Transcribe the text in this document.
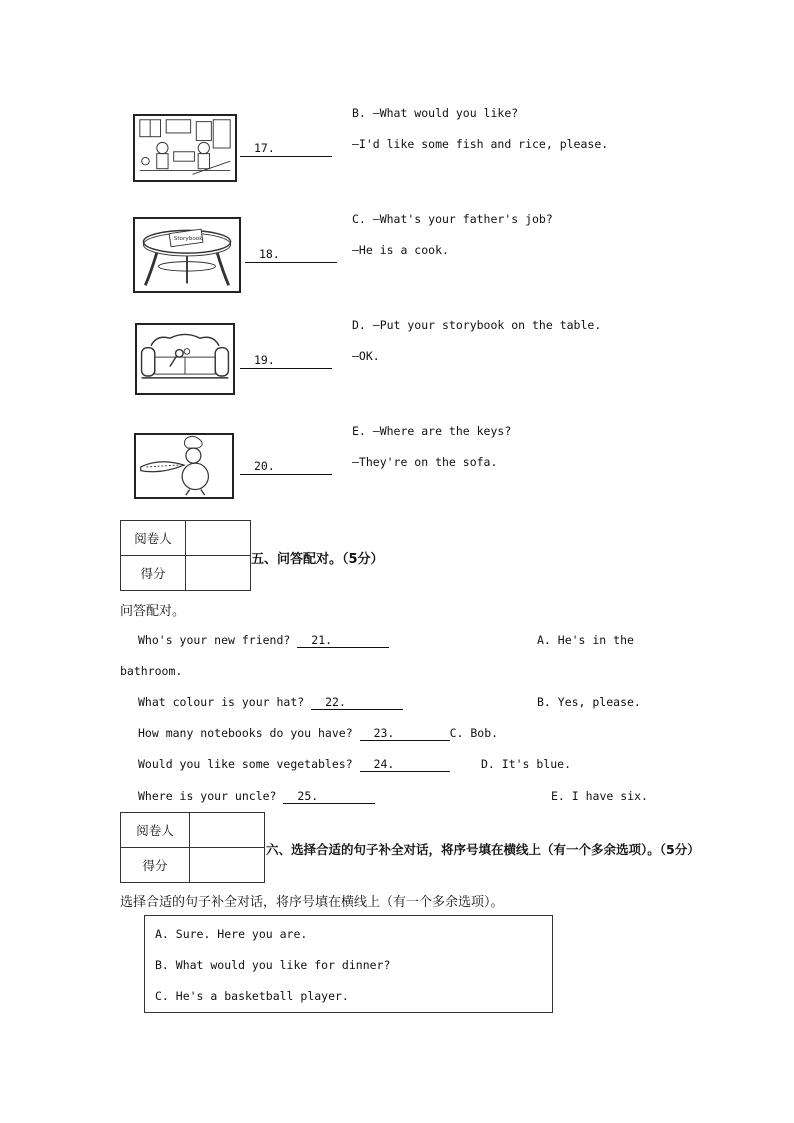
17.
B. —What would you like?
—I'd like some fish and rice, please.
Storybook
18.
C. —What's your father's job?
—He is a cook.
19.
D. —Put your storybook on the table.
—OK.
20.
E. —Where are the keys?
—They're on the sofa.
阅卷人	
得分	
五、问答配对。（5分）
问答配对。
Who's your new friend? 21.	A. He's in the
bathroom.
What colour is your hat? 22.	B. Yes, please.
How many notebooks do you have? 23.	C. Bob.
Would you like some vegetables? 24.	D. It's blue.
Where is your uncle? 25.	E. I have six.
阅卷人	
得分	
六、选择合适的句子补全对话，将序号填在横线上（有一个多余选项）。（5分）
选择合适的句子补全对话，将序号填在横线上（有一个多余选项）。
A. Sure. Here you are.
B. What would you like for dinner?
C. He's a basketball player.
